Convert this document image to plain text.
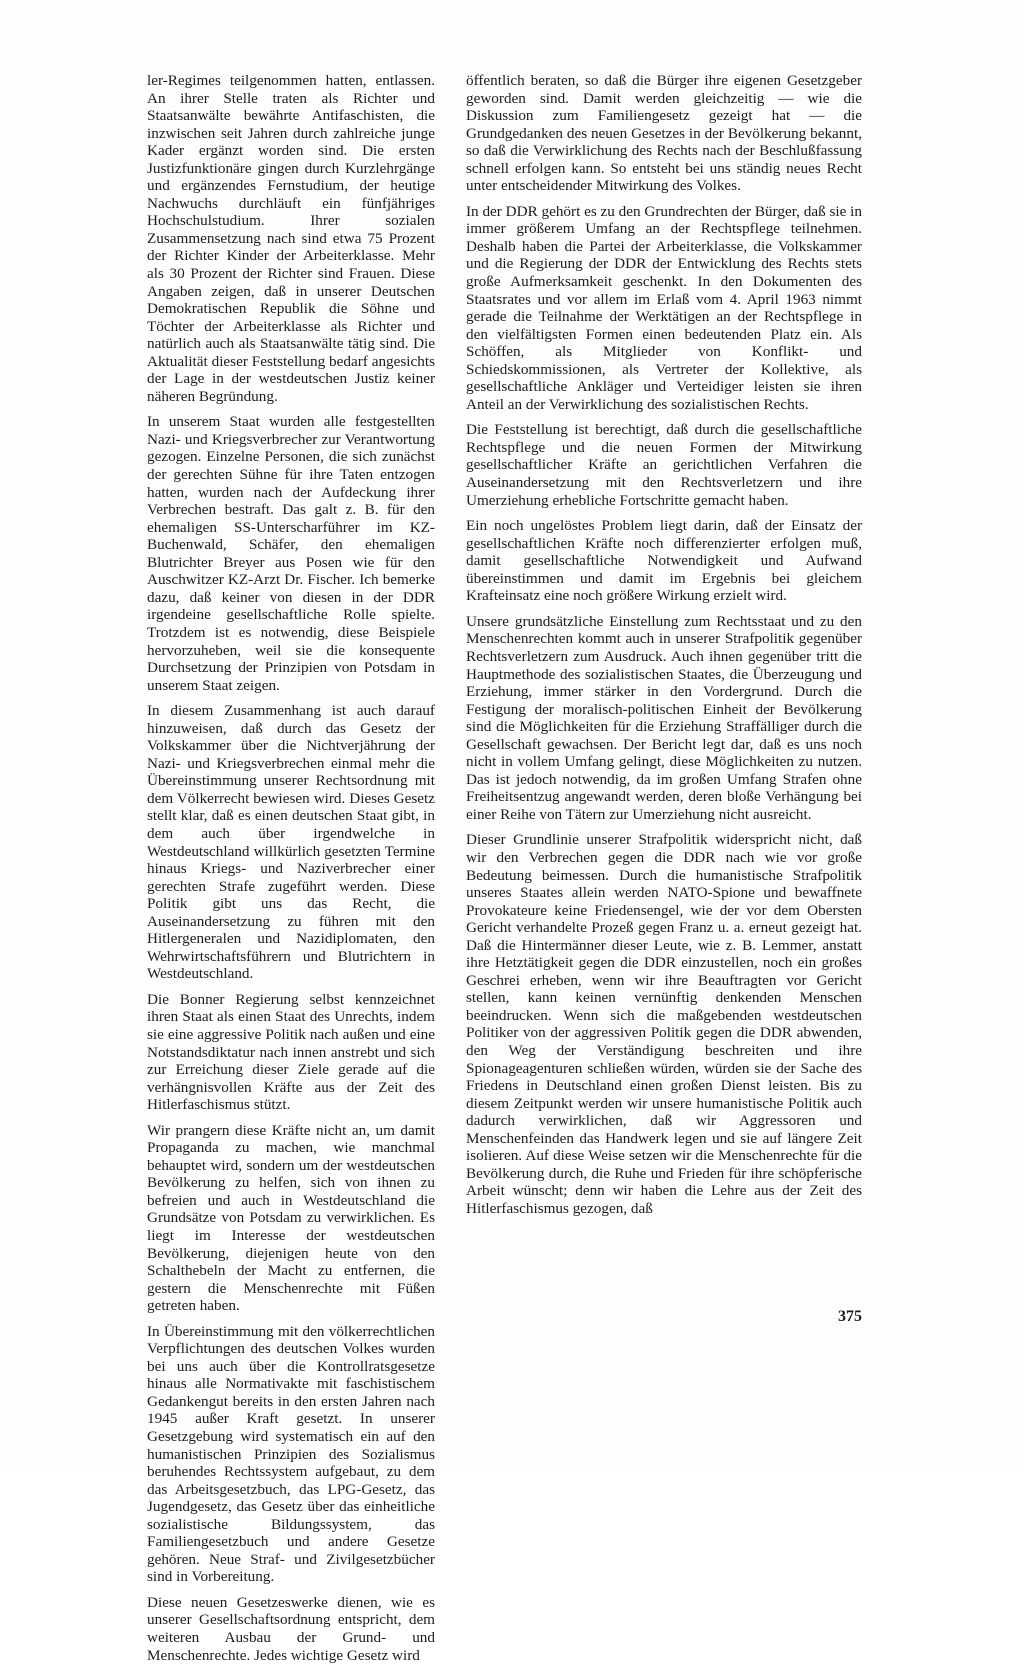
ler-Regimes teilgenommen hatten, entlassen. An ihrer Stelle traten als Richter und Staatsanwälte bewährte Antifaschisten, die inzwischen seit Jahren durch zahlreiche junge Kader ergänzt worden sind. Die ersten Justizfunktionäre gingen durch Kurzlehrgänge und ergänzendes Fernstudium, der heutige Nachwuchs durchläuft ein fünfjähriges Hochschulstudium. Ihrer sozialen Zusammensetzung nach sind etwa 75 Prozent der Richter Kinder der Arbeiterklasse. Mehr als 30 Prozent der Richter sind Frauen. Diese Angaben zeigen, daß in unserer Deutschen Demokratischen Republik die Söhne und Töchter der Arbeiterklasse als Richter und natürlich auch als Staatsanwälte tätig sind. Die Aktualität dieser Feststellung bedarf angesichts der Lage in der westdeutschen Justiz keiner näheren Begründung.

In unserem Staat wurden alle festgestellten Nazi- und Kriegsverbrecher zur Verantwortung gezogen. Einzelne Personen, die sich zunächst der gerechten Sühne für ihre Taten entzogen hatten, wurden nach der Aufdeckung ihrer Verbrechen bestraft. Das galt z. B. für den ehemaligen SS-Unterscharführer im KZ-Buchenwald, Schäfer, den ehemaligen Blutrichter Breyer aus Posen wie für den Auschwitzer KZ-Arzt Dr. Fischer. Ich bemerke dazu, daß keiner von diesen in der DDR irgendeine gesellschaftliche Rolle spielte. Trotzdem ist es notwendig, diese Beispiele hervorzuheben, weil sie die konsequente Durchsetzung der Prinzipien von Potsdam in unserem Staat zeigen.

In diesem Zusammenhang ist auch darauf hinzuweisen, daß durch das Gesetz der Volkskammer über die Nichtverjährung der Nazi- und Kriegsverbrechen einmal mehr die Übereinstimmung unserer Rechtsordnung mit dem Völkerrecht bewiesen wird. Dieses Gesetz stellt klar, daß es einen deutschen Staat gibt, in dem auch über irgendwelche in Westdeutschland willkürlich gesetzten Termine hinaus Kriegs- und Naziverbrecher einer gerechten Strafe zugeführt werden. Diese Politik gibt uns das Recht, die Auseinandersetzung zu führen mit den Hitlergeneralen und Nazidiplomaten, den Wehrwirtschaftsführern und Blutrichtern in Westdeutschland.

Die Bonner Regierung selbst kennzeichnet ihren Staat als einen Staat des Unrechts, indem sie eine aggressive Politik nach außen und eine Notstandsdiktatur nach innen anstrebt und sich zur Erreichung dieser Ziele gerade auf die verhängnisvollen Kräfte aus der Zeit des Hitlerfaschismus stützt.

Wir prangern diese Kräfte nicht an, um damit Propaganda zu machen, wie manchmal behauptet wird, sondern um der westdeutschen Bevölkerung zu helfen, sich von ihnen zu befreien und auch in Westdeutschland die Grundsätze von Potsdam zu verwirklichen. Es liegt im Interesse der westdeutschen Bevölkerung, diejenigen heute von den Schalthebeln der Macht zu entfernen, die gestern die Menschenrechte mit Füßen getreten haben.

In Übereinstimmung mit den völkerrechtlichen Verpflichtungen des deutschen Volkes wurden bei uns auch über die Kontrollratsgesetze hinaus alle Normativakte mit faschistischem Gedankengut bereits in den ersten Jahren nach 1945 außer Kraft gesetzt. In unserer Gesetzgebung wird systematisch ein auf den humanistischen Prinzipien des Sozialismus beruhendes Rechtssystem aufgebaut, zu dem das Arbeitsgesetzbuch, das LPG-Gesetz, das Jugendgesetz, das Gesetz über das einheitliche sozialistische Bildungssystem, das Familiengesetzbuch und andere Gesetze gehören. Neue Straf- und Zivilgesetzbücher sind in Vorbereitung.

Diese neuen Gesetzeswerke dienen, wie es unserer Gesellschaftsordnung entspricht, dem weiteren Ausbau der Grund- und Menschenrechte. Jedes wichtige Gesetz wird

öffentlich beraten, so daß die Bürger ihre eigenen Gesetzgeber geworden sind. Damit werden gleichzeitig — wie die Diskussion zum Familiengesetz gezeigt hat — die Grundgedanken des neuen Gesetzes in der Bevölkerung bekannt, so daß die Verwirklichung des Rechts nach der Beschlußfassung schnell erfolgen kann. So entsteht bei uns ständig neues Recht unter entscheidender Mitwirkung des Volkes.

In der DDR gehört es zu den Grundrechten der Bürger, daß sie in immer größerem Umfang an der Rechtspflege teilnehmen. Deshalb haben die Partei der Arbeiterklasse, die Volkskammer und die Regierung der DDR der Entwicklung des Rechts stets große Aufmerksamkeit geschenkt. In den Dokumenten des Staatsrates und vor allem im Erlaß vom 4. April 1963 nimmt gerade die Teilnahme der Werktätigen an der Rechtspflege in den vielfältigsten Formen einen bedeutenden Platz ein. Als Schöffen, als Mitglieder von Konflikt- und Schiedskommissionen, als Vertreter der Kollektive, als gesellschaftliche Ankläger und Verteidiger leisten sie ihren Anteil an der Verwirklichung des sozialistischen Rechts.

Die Feststellung ist berechtigt, daß durch die gesellschaftliche Rechtspflege und die neuen Formen der Mitwirkung gesellschaftlicher Kräfte an gerichtlichen Verfahren die Auseinandersetzung mit den Rechtsverletzern und ihre Umerziehung erhebliche Fortschritte gemacht haben.

Ein noch ungelöstes Problem liegt darin, daß der Einsatz der gesellschaftlichen Kräfte noch differenzierter erfolgen muß, damit gesellschaftliche Notwendigkeit und Aufwand übereinstimmen und damit im Ergebnis bei gleichem Krafteinsatz eine noch größere Wirkung erzielt wird.

Unsere grundsätzliche Einstellung zum Rechtsstaat und zu den Menschenrechten kommt auch in unserer Strafpolitik gegenüber Rechtsverletzern zum Ausdruck. Auch ihnen gegenüber tritt die Hauptmethode des sozialistischen Staates, die Überzeugung und Erziehung, immer stärker in den Vordergrund. Durch die Festigung der moralisch-politischen Einheit der Bevölkerung sind die Möglichkeiten für die Erziehung Straffälliger durch die Gesellschaft gewachsen. Der Bericht legt dar, daß es uns noch nicht in vollem Umfang gelingt, diese Möglichkeiten zu nutzen. Das ist jedoch notwendig, da im großen Umfang Strafen ohne Freiheitsentzug angewandt werden, deren bloße Verhängung bei einer Reihe von Tätern zur Umerziehung nicht ausreicht.

Dieser Grundlinie unserer Strafpolitik widerspricht nicht, daß wir den Verbrechen gegen die DDR nach wie vor große Bedeutung beimessen. Durch die humanistische Strafpolitik unseres Staates allein werden NATO-Spione und bewaffnete Provokateure keine Friedensengel, wie der vor dem Obersten Gericht verhandelte Prozeß gegen Franz u. a. erneut gezeigt hat. Daß die Hintermänner dieser Leute, wie z. B. Lemmer, anstatt ihre Hetztätigkeit gegen die DDR einzustellen, noch ein großes Geschrei erheben, wenn wir ihre Beauftragten vor Gericht stellen, kann keinen vernünftig denkenden Menschen beeindrucken. Wenn sich die maßgebenden westdeutschen Politiker von der aggressiven Politik gegen die DDR abwenden, den Weg der Verständigung beschreiten und ihre Spionageagenturen schließen würden, würden sie der Sache des Friedens in Deutschland einen großen Dienst leisten. Bis zu diesem Zeitpunkt werden wir unsere humanistische Politik auch dadurch verwirklichen, daß wir Aggressoren und Menschenfeinden das Handwerk legen und sie auf längere Zeit isolieren. Auf diese Weise setzen wir die Menschenrechte für die Bevölkerung durch, die Ruhe und Frieden für ihre schöpferische Arbeit wünscht; denn wir haben die Lehre aus der Zeit des Hitlerfaschismus gezogen, daß

375
